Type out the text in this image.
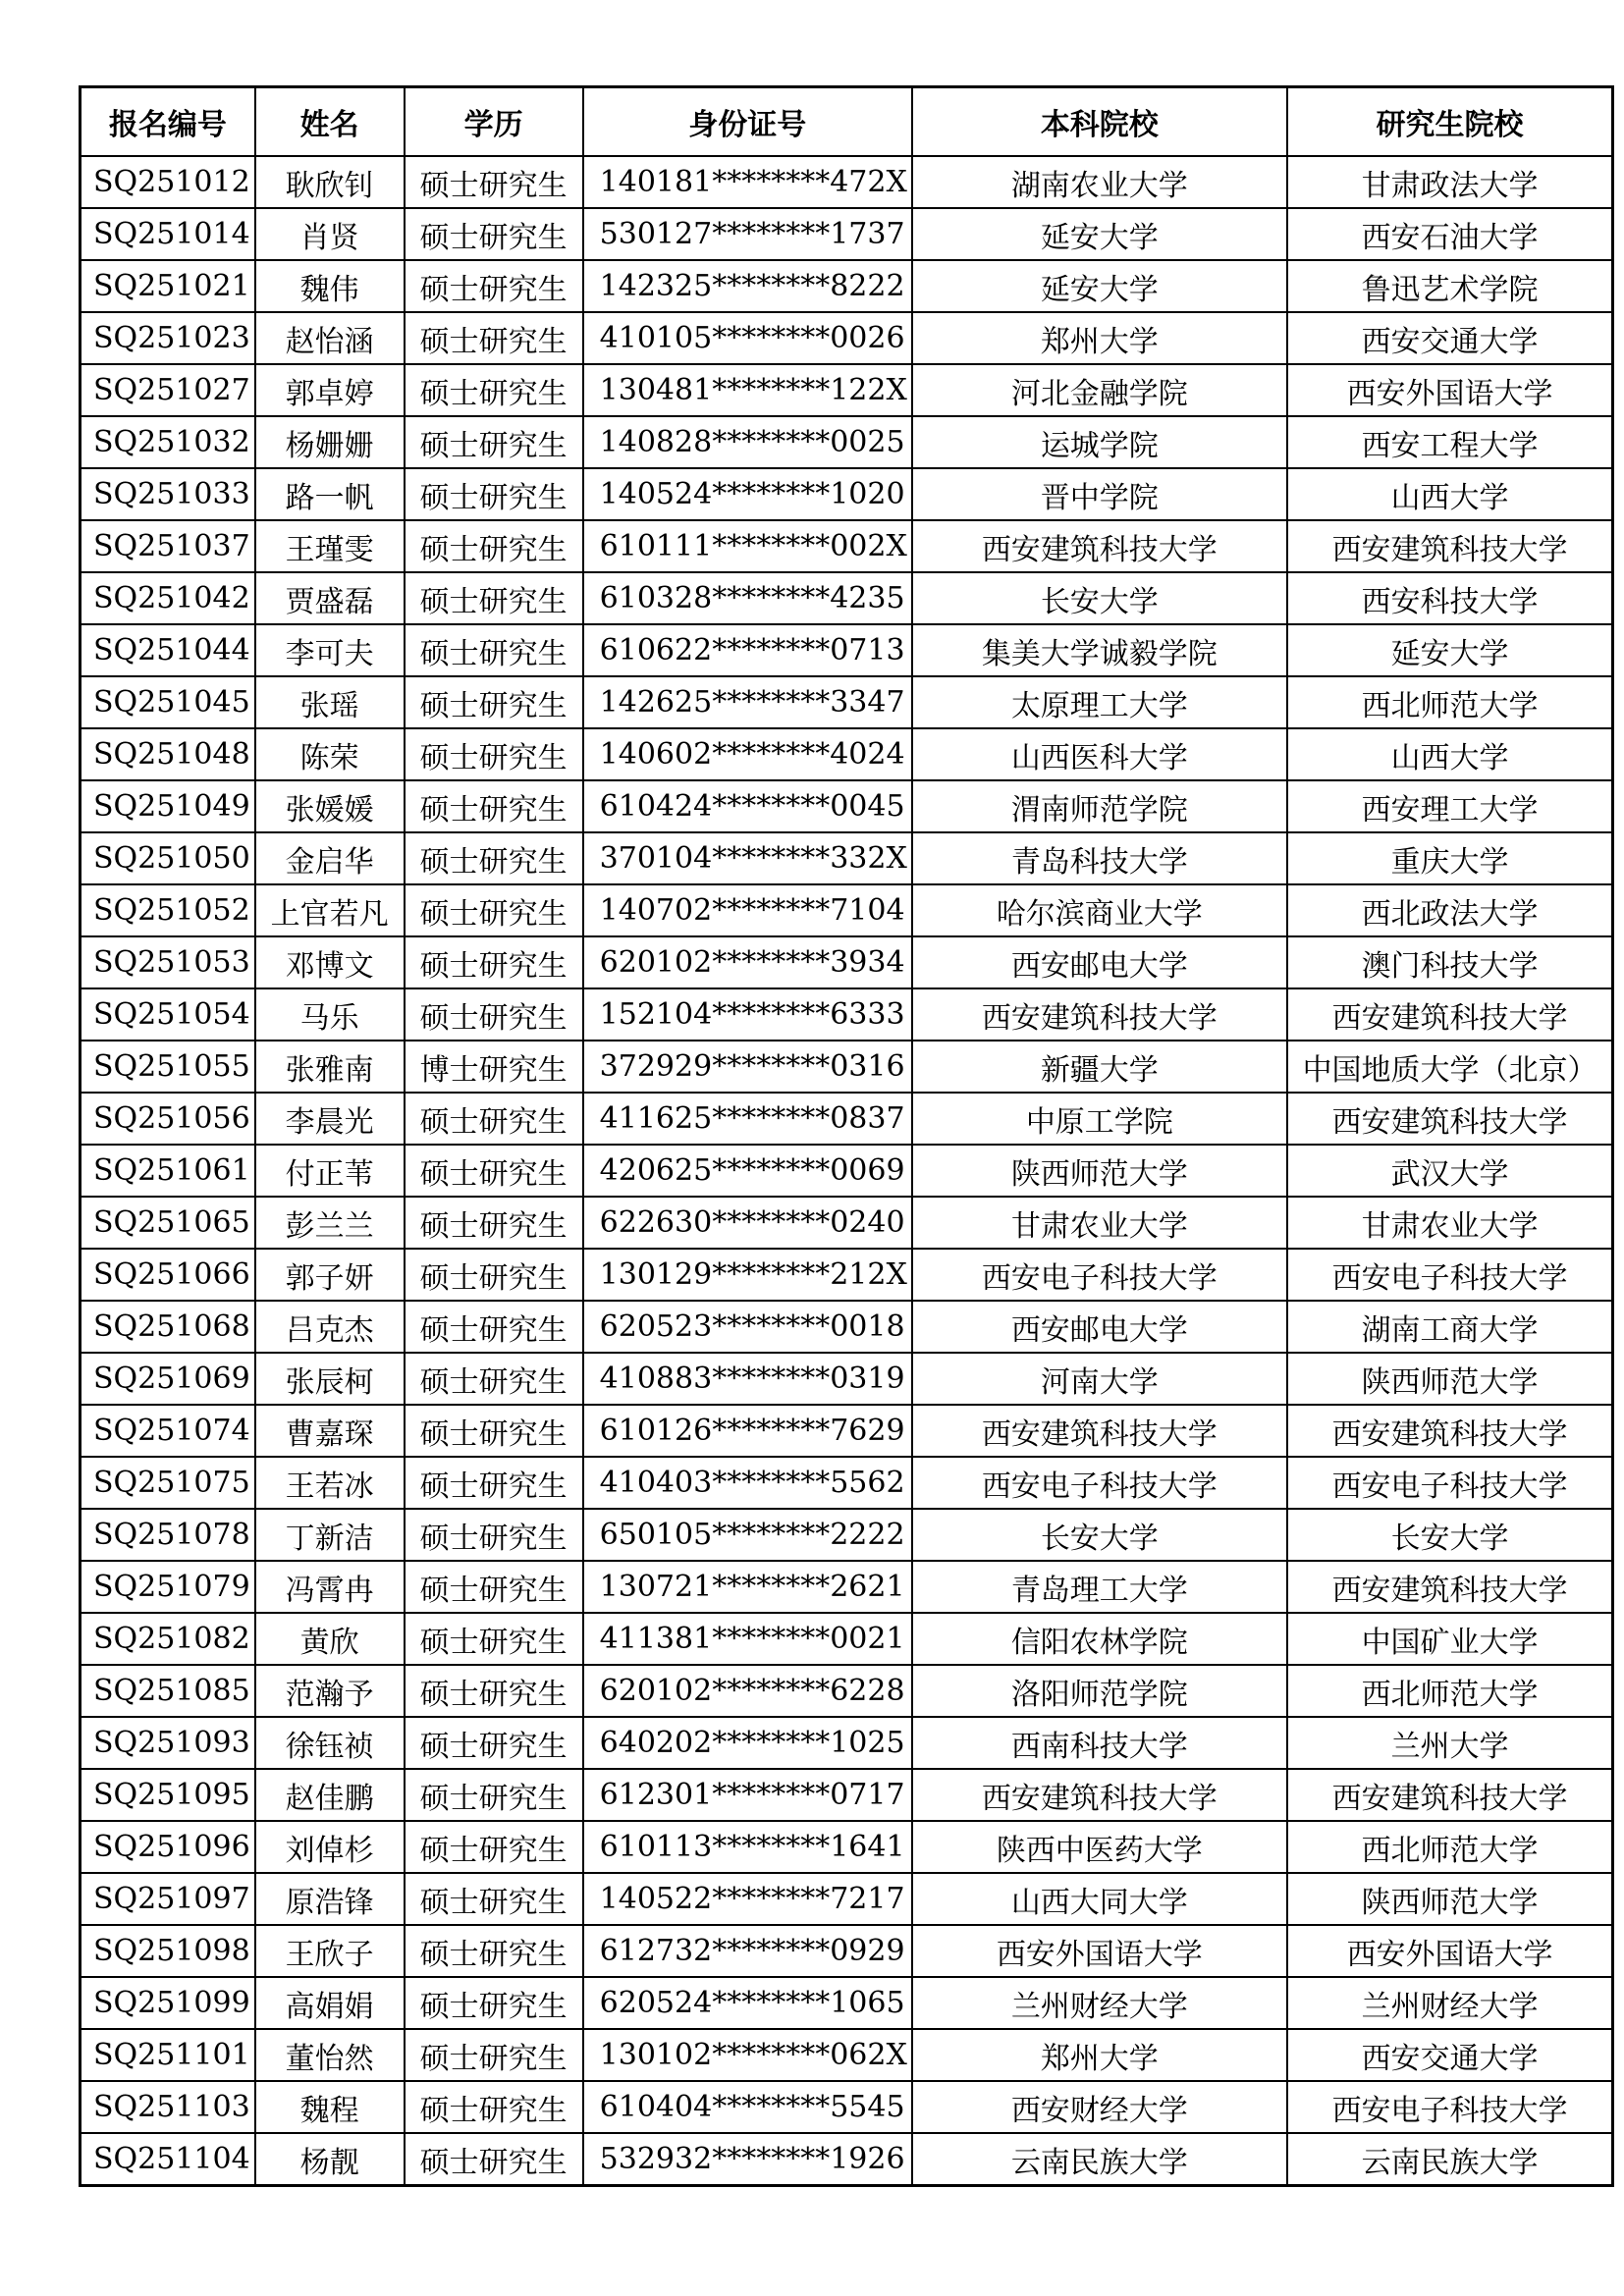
报名编号	姓名	学历	身份证号	本科院校	研究生院校
SQ251012	耿欣钊	硕士研究生	140181********472X	湖南农业大学	甘肃政法大学
SQ251014	肖贤	硕士研究生	530127********1737	延安大学	西安石油大学
SQ251021	魏伟	硕士研究生	142325********8222	延安大学	鲁迅艺术学院
SQ251023	赵怡涵	硕士研究生	410105********0026	郑州大学	西安交通大学
SQ251027	郭卓婷	硕士研究生	130481********122X	河北金融学院	西安外国语大学
SQ251032	杨姗姗	硕士研究生	140828********0025	运城学院	西安工程大学
SQ251033	路一帆	硕士研究生	140524********1020	晋中学院	山西大学
SQ251037	王瑾雯	硕士研究生	610111********002X	西安建筑科技大学	西安建筑科技大学
SQ251042	贾盛磊	硕士研究生	610328********4235	长安大学	西安科技大学
SQ251044	李可夫	硕士研究生	610622********0713	集美大学诚毅学院	延安大学
SQ251045	张瑶	硕士研究生	142625********3347	太原理工大学	西北师范大学
SQ251048	陈荣	硕士研究生	140602********4024	山西医科大学	山西大学
SQ251049	张媛媛	硕士研究生	610424********0045	渭南师范学院	西安理工大学
SQ251050	金启华	硕士研究生	370104********332X	青岛科技大学	重庆大学
SQ251052	上官若凡	硕士研究生	140702********7104	哈尔滨商业大学	西北政法大学
SQ251053	邓博文	硕士研究生	620102********3934	西安邮电大学	澳门科技大学
SQ251054	马乐	硕士研究生	152104********6333	西安建筑科技大学	西安建筑科技大学
SQ251055	张雅南	博士研究生	372929********0316	新疆大学	中国地质大学（北京）
SQ251056	李晨光	硕士研究生	411625********0837	中原工学院	西安建筑科技大学
SQ251061	付正苇	硕士研究生	420625********0069	陕西师范大学	武汉大学
SQ251065	彭兰兰	硕士研究生	622630********0240	甘肃农业大学	甘肃农业大学
SQ251066	郭子妍	硕士研究生	130129********212X	西安电子科技大学	西安电子科技大学
SQ251068	吕克杰	硕士研究生	620523********0018	西安邮电大学	湖南工商大学
SQ251069	张辰柯	硕士研究生	410883********0319	河南大学	陕西师范大学
SQ251074	曹嘉琛	硕士研究生	610126********7629	西安建筑科技大学	西安建筑科技大学
SQ251075	王若冰	硕士研究生	410403********5562	西安电子科技大学	西安电子科技大学
SQ251078	丁新洁	硕士研究生	650105********2222	长安大学	长安大学
SQ251079	冯霄冉	硕士研究生	130721********2621	青岛理工大学	西安建筑科技大学
SQ251082	黄欣	硕士研究生	411381********0021	信阳农林学院	中国矿业大学
SQ251085	范瀚予	硕士研究生	620102********6228	洛阳师范学院	西北师范大学
SQ251093	徐钰祯	硕士研究生	640202********1025	西南科技大学	兰州大学
SQ251095	赵佳鹏	硕士研究生	612301********0717	西安建筑科技大学	西安建筑科技大学
SQ251096	刘倬杉	硕士研究生	610113********1641	陕西中医药大学	西北师范大学
SQ251097	原浩锋	硕士研究生	140522********7217	山西大同大学	陕西师范大学
SQ251098	王欣子	硕士研究生	612732********0929	西安外国语大学	西安外国语大学
SQ251099	高娟娟	硕士研究生	620524********1065	兰州财经大学	兰州财经大学
SQ251101	董怡然	硕士研究生	130102********062X	郑州大学	西安交通大学
SQ251103	魏程	硕士研究生	610404********5545	西安财经大学	西安电子科技大学
SQ251104	杨靓	硕士研究生	532932********1926	云南民族大学	云南民族大学
